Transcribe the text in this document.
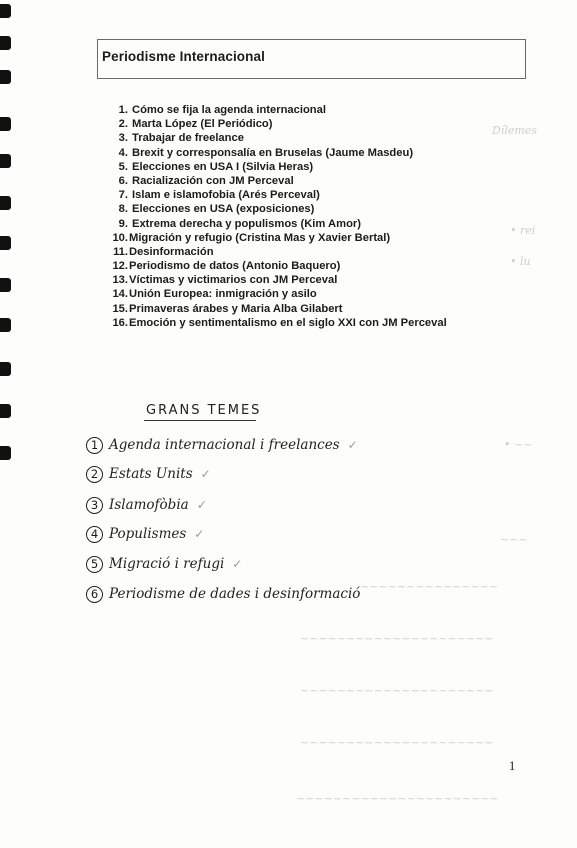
Dílemes
• rei
• lu
• ~~
~~~
~~~~~~~~~~~~~~~
~~~~~~~~~~~~~~~~~~~~~
~~~~~~~~~~~~~~~~~~~~~
~~~~~~~~~~~~~~~~~~~~~
~~~~~~~~~~~~~~~~~~~~~~
Periodisme Internacional
1. Cómo se fija la agenda internacional
2. Marta López (El Periódico)
3. Trabajar de freelance
4. Brexit y corresponsalía en Bruselas (Jaume Masdeu)
5. Elecciones en USA I (Silvia Heras)
6. Racialización con JM Perceval
7. Islam e islamofobia (Arés Perceval)
8. Elecciones en USA (exposiciones)
9. Extrema derecha y populismos (Kim Amor)
10. Migración y refugio (Cristina Mas y Xavier Bertal)
11. Desinformación
12. Periodismo de datos (Antonio Baquero)
13. Víctimas y victimarios con JM Perceval
14. Unión Europea: inmigración y asilo
15. Primaveras árabes y Maria Alba Gilabert
16. Emoción y sentimentalismo en el siglo XXI con JM Perceval
GRANS TEMES
1 Agenda internacional i freelances ✓
2 Estats Units ✓
3 Islamofòbia ✓
4 Populismes ✓
5 Migració i refugi ✓
6 Periodisme de dades i desinformació
1
